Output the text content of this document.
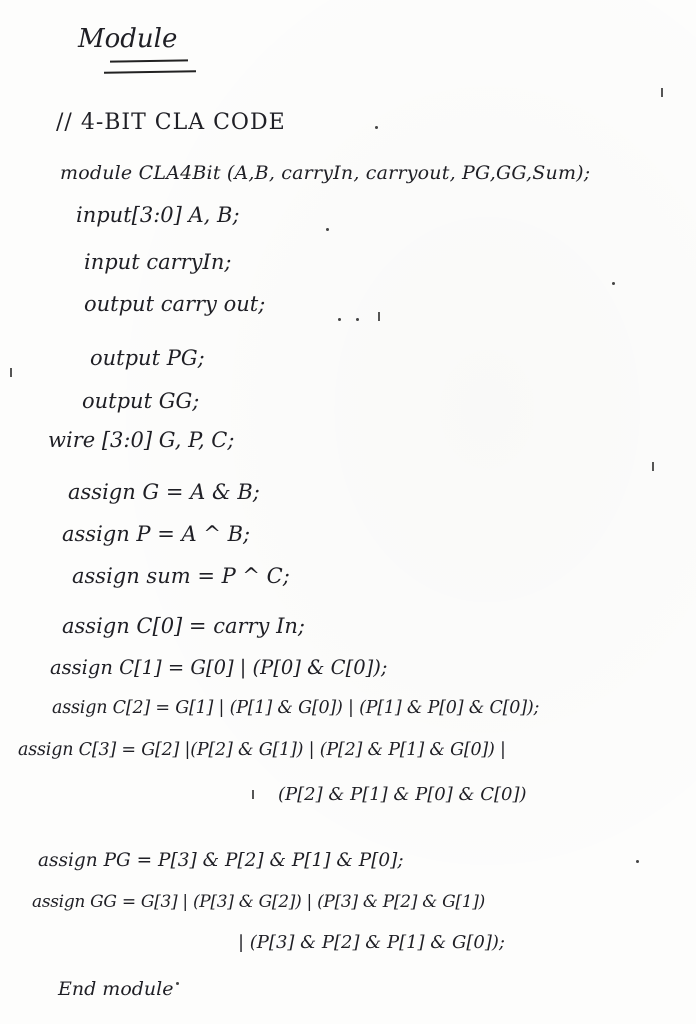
Module
// 4-BIT CLA CODE
module CLA4Bit (A,B, carryIn, carryout, PG,GG,Sum);
input[3:0] A, B;
input carryIn;
output carry out;
output PG;
output GG;
wire [3:0] G, P, C;
assign G = A & B;
assign P = A ^ B;
assign sum = P ^ C;
assign C[0] = carry In;
assign C[1] = G[0] | (P[0] & C[0]);
assign C[2] = G[1] | (P[1] & G[0]) | (P[1] & P[0] & C[0]);
assign C[3] = G[2] |(P[2] & G[1]) | (P[2] & P[1] & G[0]) |
(P[2] & P[1] & P[0] & C[0])
assign PG = P[3] & P[2] & P[1] & P[0];
assign GG = G[3] | (P[3] & G[2]) | (P[3] & P[2] & G[1])
| (P[3] & P[2] & P[1] & G[0]);
End module
